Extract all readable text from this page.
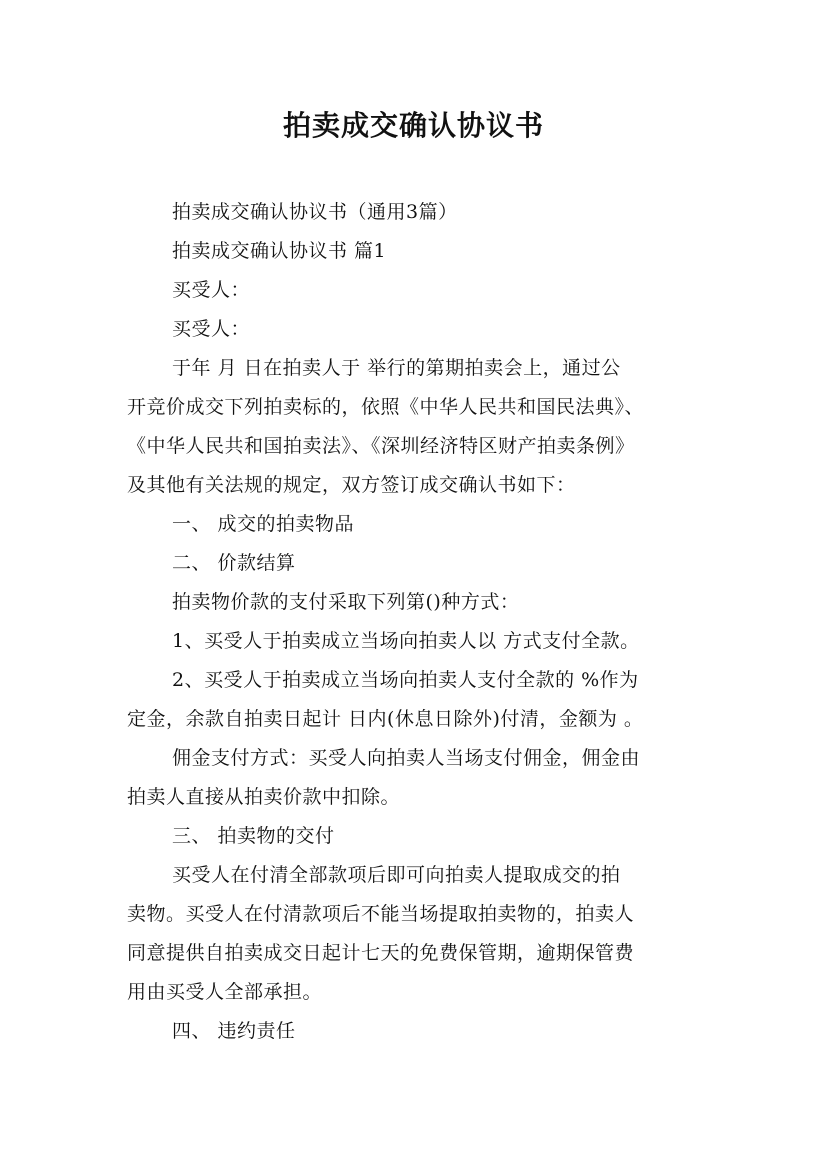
拍卖成交确认协议书

拍卖成交确认协议书（通用3篇）

拍卖成交确认协议书 篇1

买受人：

买受人：

于年 月 日在拍卖人于 举行的第期拍卖会上，通过公

开竞价成交下列拍卖标的，依照《中华人民共和国民法典》、

《中华人民共和国拍卖法》、《深圳经济特区财产拍卖条例》

及其他有关法规的规定，双方签订成交确认书如下：

一、 成交的拍卖物品

二、 价款结算

拍卖物价款的支付采取下列第()种方式：

1、买受人于拍卖成立当场向拍卖人以 方式支付全款。

2、买受人于拍卖成立当场向拍卖人支付全款的 %作为

定金，余款自拍卖日起计 日内(休息日除外)付清，金额为 。

佣金支付方式：买受人向拍卖人当场支付佣金，佣金由

拍卖人直接从拍卖价款中扣除。

三、 拍卖物的交付

买受人在付清全部款项后即可向拍卖人提取成交的拍

卖物。买受人在付清款项后不能当场提取拍卖物的，拍卖人

同意提供自拍卖成交日起计七天的免费保管期，逾期保管费

用由买受人全部承担。

四、 违约责任
